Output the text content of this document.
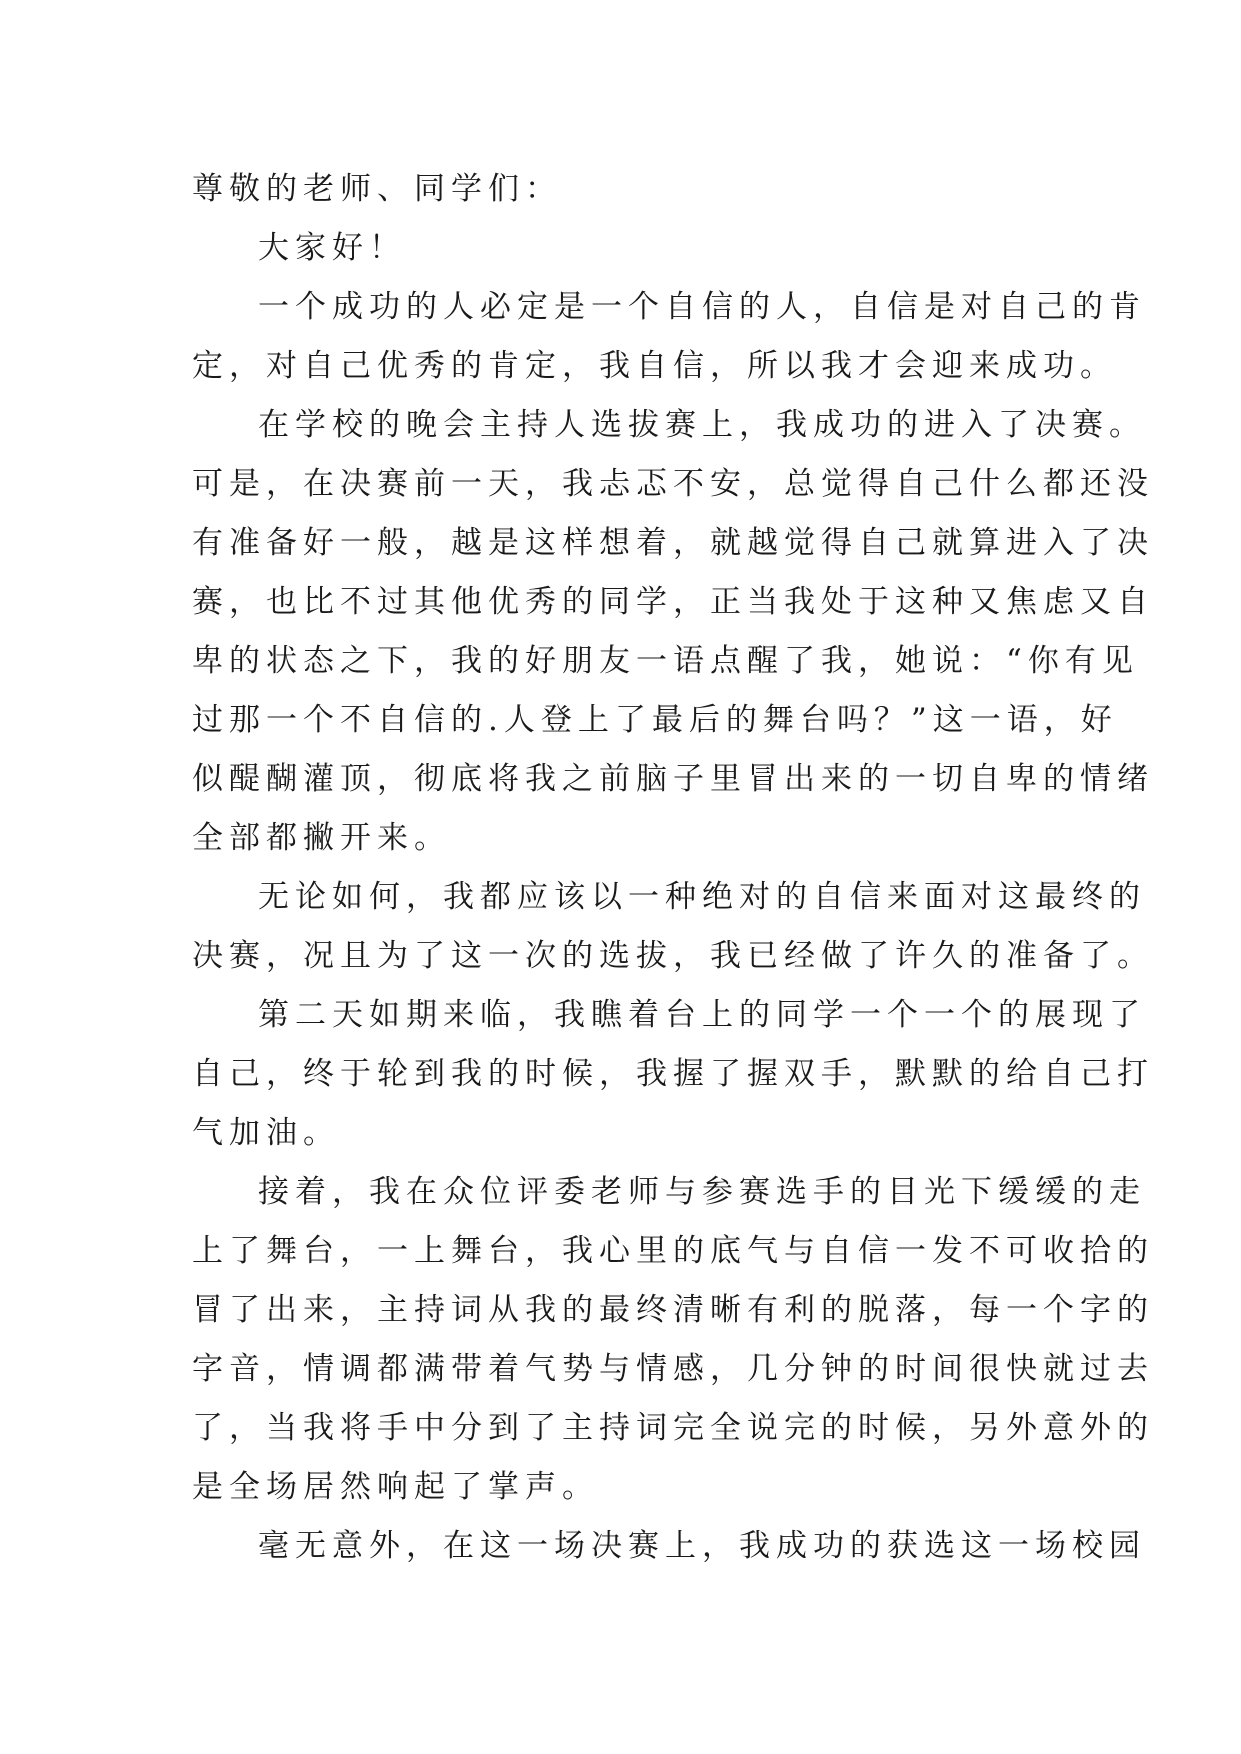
尊敬的老师、同学们：
大家好！
一个成功的人必定是一个自信的人，自信是对自己的肯
定，对自己优秀的肯定，我自信，所以我才会迎来成功。
在学校的晚会主持人选拔赛上，我成功的进入了决赛。
可是，在决赛前一天，我忐忑不安，总觉得自己什么都还没
有准备好一般，越是这样想着，就越觉得自己就算进入了决
赛，也比不过其他优秀的同学，正当我处于这种又焦虑又自
卑的状态之下，我的好朋友一语点醒了我，她说：“你有见
过那一个不自信的.人登上了最后的舞台吗？”这一语，好
似醍醐灌顶，彻底将我之前脑子里冒出来的一切自卑的情绪
全部都撇开来。
无论如何，我都应该以一种绝对的自信来面对这最终的
决赛，况且为了这一次的选拔，我已经做了许久的准备了。
第二天如期来临，我瞧着台上的同学一个一个的展现了
自己，终于轮到我的时候，我握了握双手，默默的给自己打
气加油。
接着，我在众位评委老师与参赛选手的目光下缓缓的走
上了舞台，一上舞台，我心里的底气与自信一发不可收拾的
冒了出来，主持词从我的最终清晰有利的脱落，每一个字的
字音，情调都满带着气势与情感，几分钟的时间很快就过去
了，当我将手中分到了主持词完全说完的时候，另外意外的
是全场居然响起了掌声。
毫无意外，在这一场决赛上，我成功的获选这一场校园
